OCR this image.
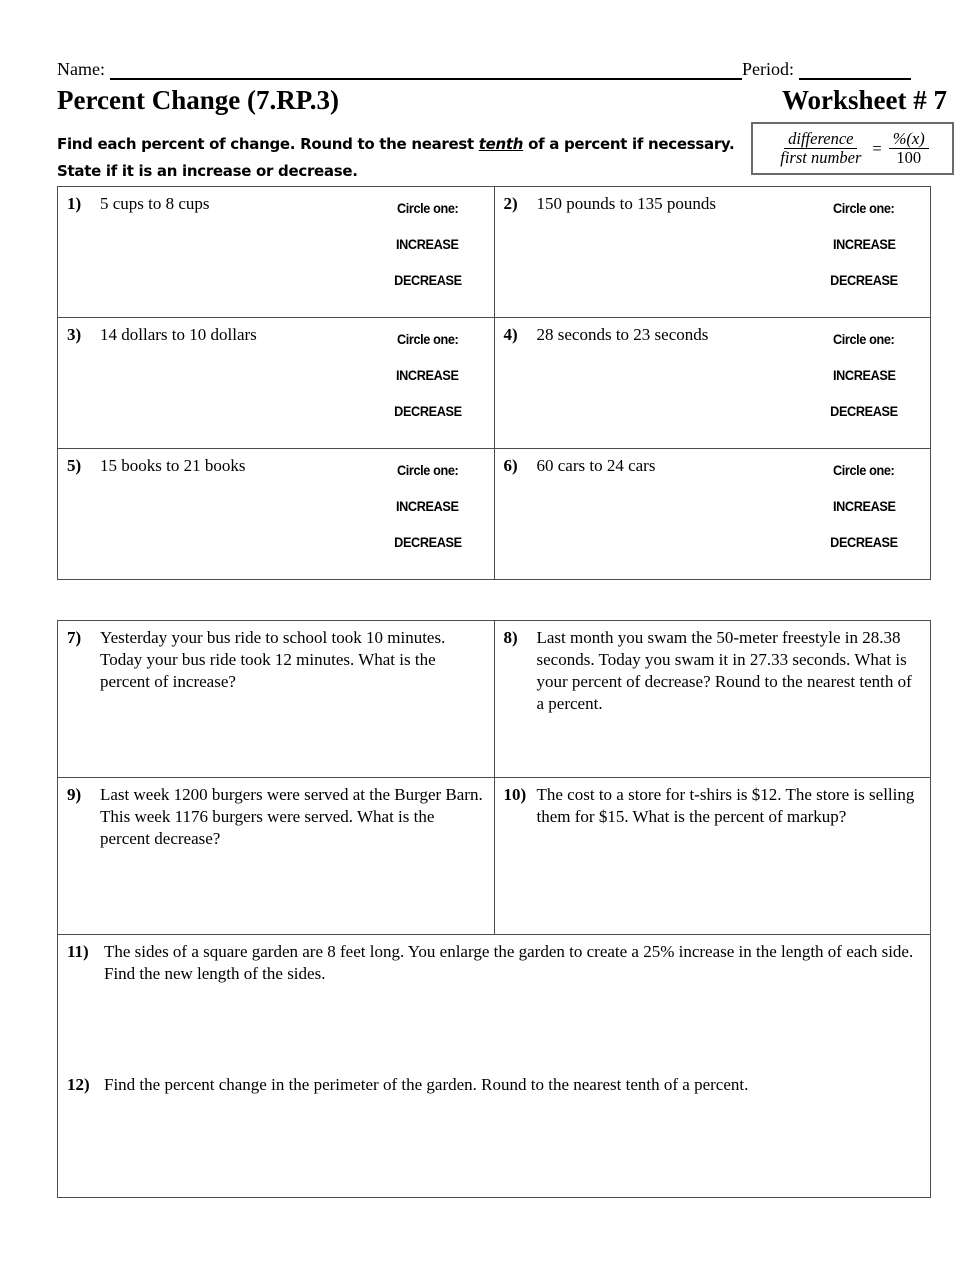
Name:	Period:
Percent Change (7.RP.3)	Worksheet # 7
Find each percent of change. Round to the nearest tenth of a percent if necessary.
State if it is an increase or decrease.
$\frac{\text{difference}}{\text{first number}} = \frac{\%(x)}{100}$
1)	5 cups to 8 cups	Circle one:
INCREASE
DECREASE

2)	150 pounds to 135 pounds	Circle one:
INCREASE
DECREASE

3)	14 dollars to 10 dollars	Circle one:
INCREASE
DECREASE

4)	28 seconds to 23 seconds	Circle one:
INCREASE
DECREASE

5)	15 books to 21 books	Circle one:
INCREASE
DECREASE

6)	60 cars to 24 cars	Circle one:
INCREASE
DECREASE
7) Yesterday your bus ride to school took 10 minutes. Today your bus ride took 12 minutes. What is the percent of increase?	8) Last month you swam the 50-meter freestyle in 28.38 seconds. Today you swam it in 27.33 seconds. What is your percent of decrease? Round to the nearest tenth of a percent.

9) Last week 1200 burgers were served at the Burger Barn. This week 1176 burgers were served. What is the percent decrease?	10) The cost to a store for t-shirs is $12. The store is selling them for $15. What is the percent of markup?

11) The sides of a square garden are 8 feet long. You enlarge the garden to create a 25% increase in the length of each side. Find the new length of the sides.
12) Find the percent change in the perimeter of the garden. Round to the nearest tenth of a percent.	
